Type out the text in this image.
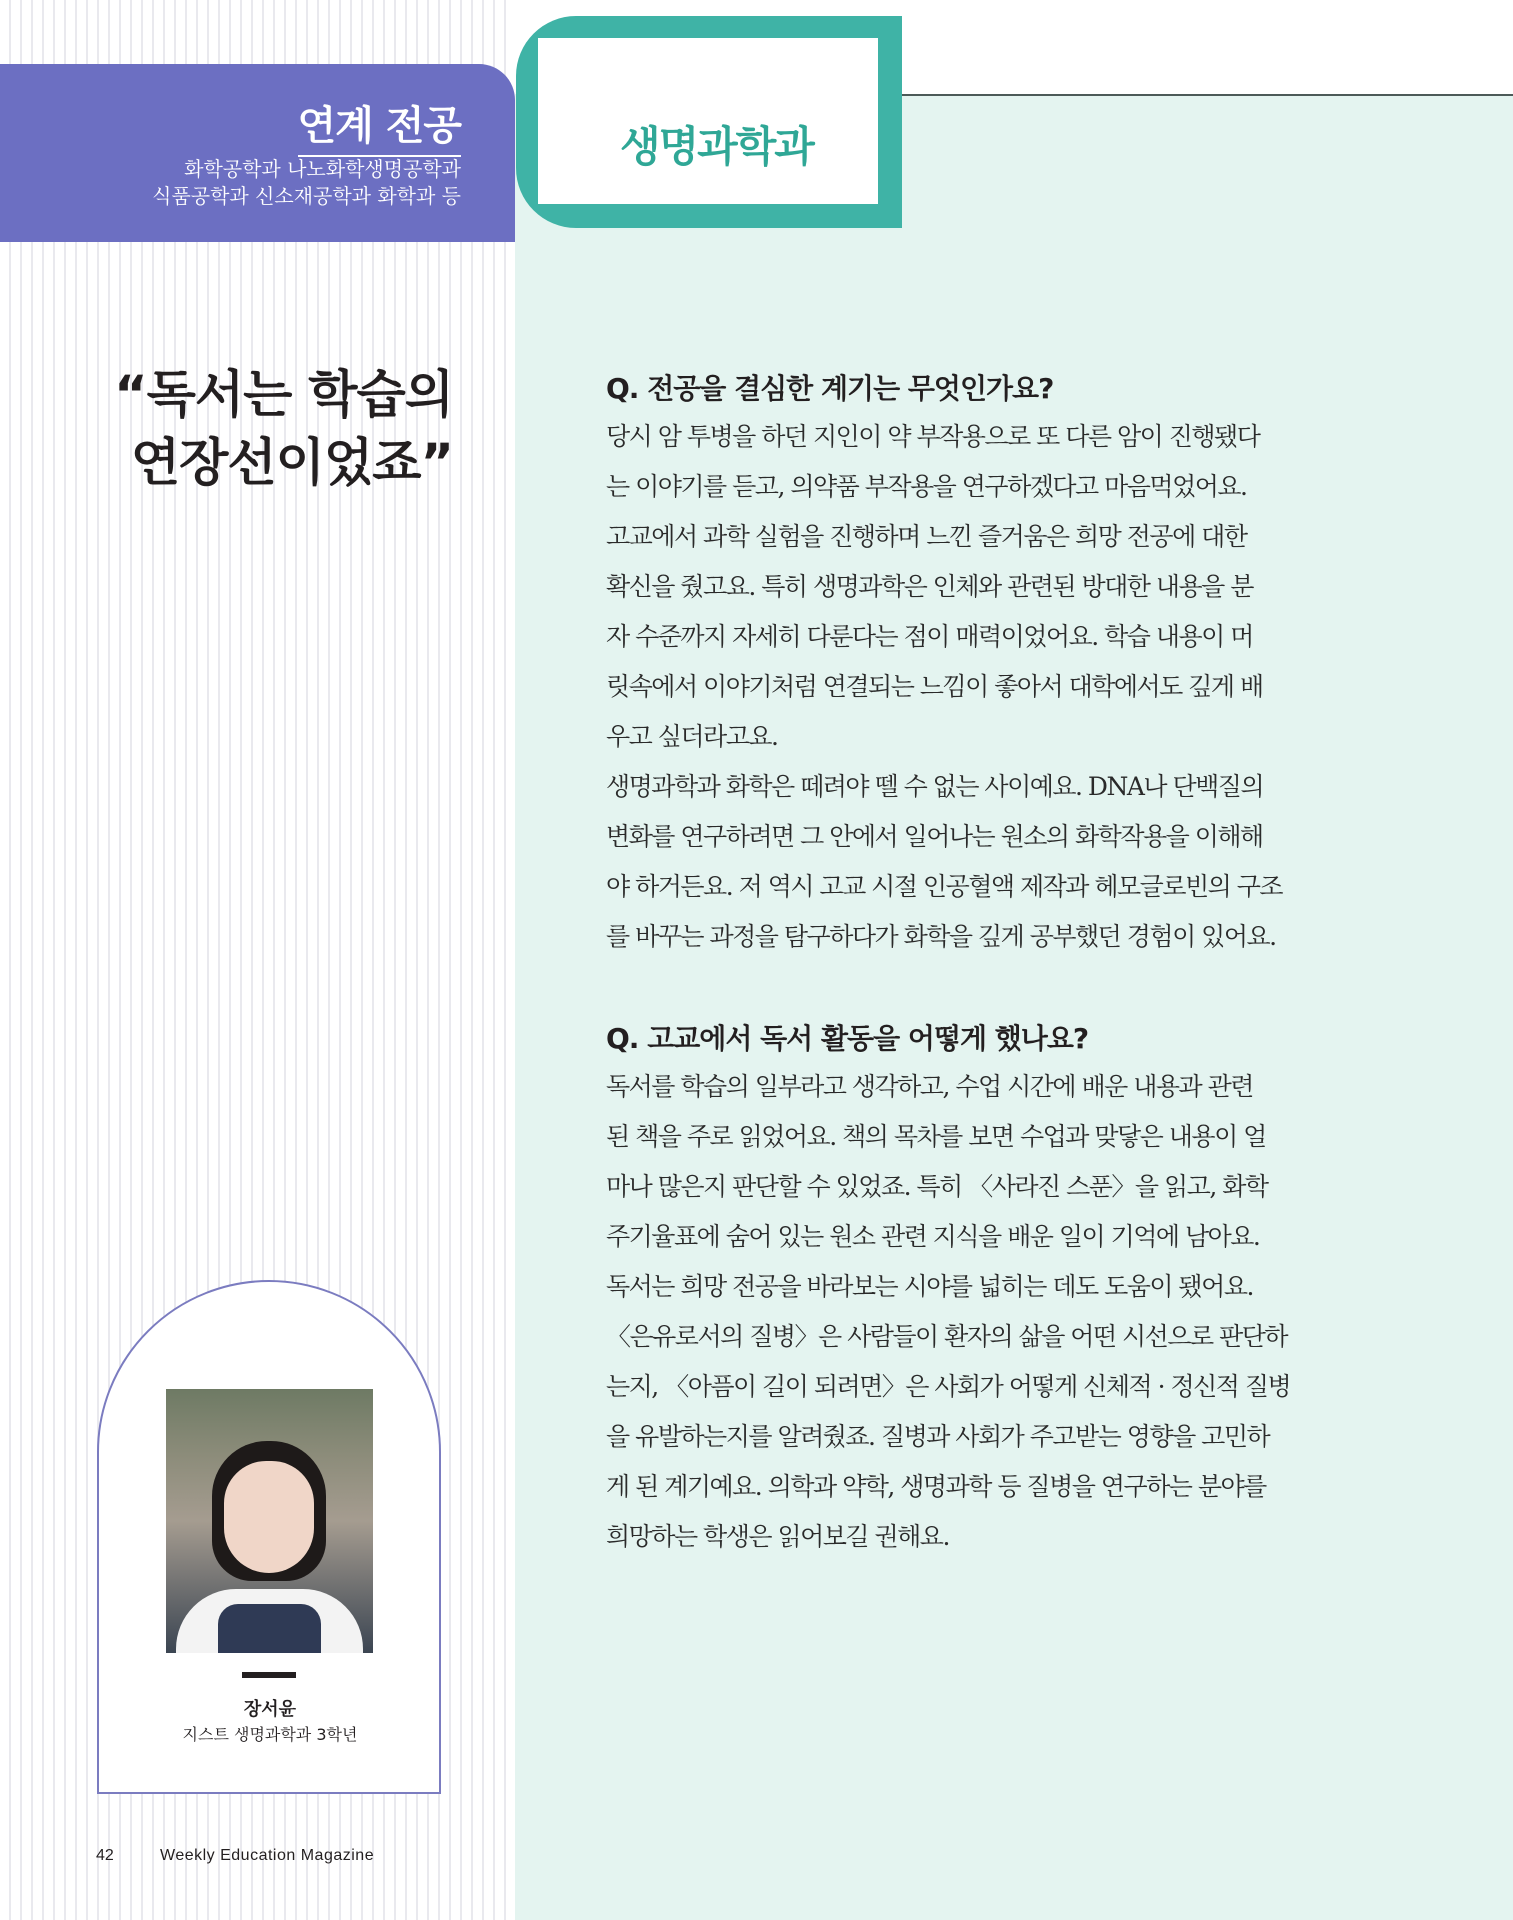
연계 전공
화학공학과 나노화학생명공학과
식품공학과 신소재공학과 화학과 등
생명과학과
“독서는 학습의
연장선이었죠”
장서윤
지스트 생명과학과 3학년
42	Weekly Education Magazine
Q. 전공을 결심한 계기는 무엇인가요?
당시 암 투병을 하던 지인이 약 부작용으로 또 다른 암이 진행됐다
는 이야기를 듣고, 의약품 부작용을 연구하겠다고 마음먹었어요.
고교에서 과학 실험을 진행하며 느낀 즐거움은 희망 전공에 대한
확신을 줬고요. 특히 생명과학은 인체와 관련된 방대한 내용을 분
자 수준까지 자세히 다룬다는 점이 매력이었어요. 학습 내용이 머
릿속에서 이야기처럼 연결되는 느낌이 좋아서 대학에서도 깊게 배
우고 싶더라고요.
생명과학과 화학은 떼려야 뗄 수 없는 사이예요. DNA나 단백질의
변화를 연구하려면 그 안에서 일어나는 원소의 화학작용을 이해해
야 하거든요. 저 역시 고교 시절 인공혈액 제작과 헤모글로빈의 구조
를 바꾸는 과정을 탐구하다가 화학을 깊게 공부했던 경험이 있어요.
Q. 고교에서 독서 활동을 어떻게 했나요?
독서를 학습의 일부라고 생각하고, 수업 시간에 배운 내용과 관련
된 책을 주로 읽었어요. 책의 목차를 보면 수업과 맞닿은 내용이 얼
마나 많은지 판단할 수 있었죠. 특히 〈사라진 스푼〉을 읽고, 화학
주기율표에 숨어 있는 원소 관련 지식을 배운 일이 기억에 남아요.
독서는 희망 전공을 바라보는 시야를 넓히는 데도 도움이 됐어요.
〈은유로서의 질병〉은 사람들이 환자의 삶을 어떤 시선으로 판단하
는지, 〈아픔이 길이 되려면〉은 사회가 어떻게 신체적 · 정신적 질병
을 유발하는지를 알려줬죠. 질병과 사회가 주고받는 영향을 고민하
게 된 계기예요. 의학과 약학, 생명과학 등 질병을 연구하는 분야를
희망하는 학생은 읽어보길 권해요.
